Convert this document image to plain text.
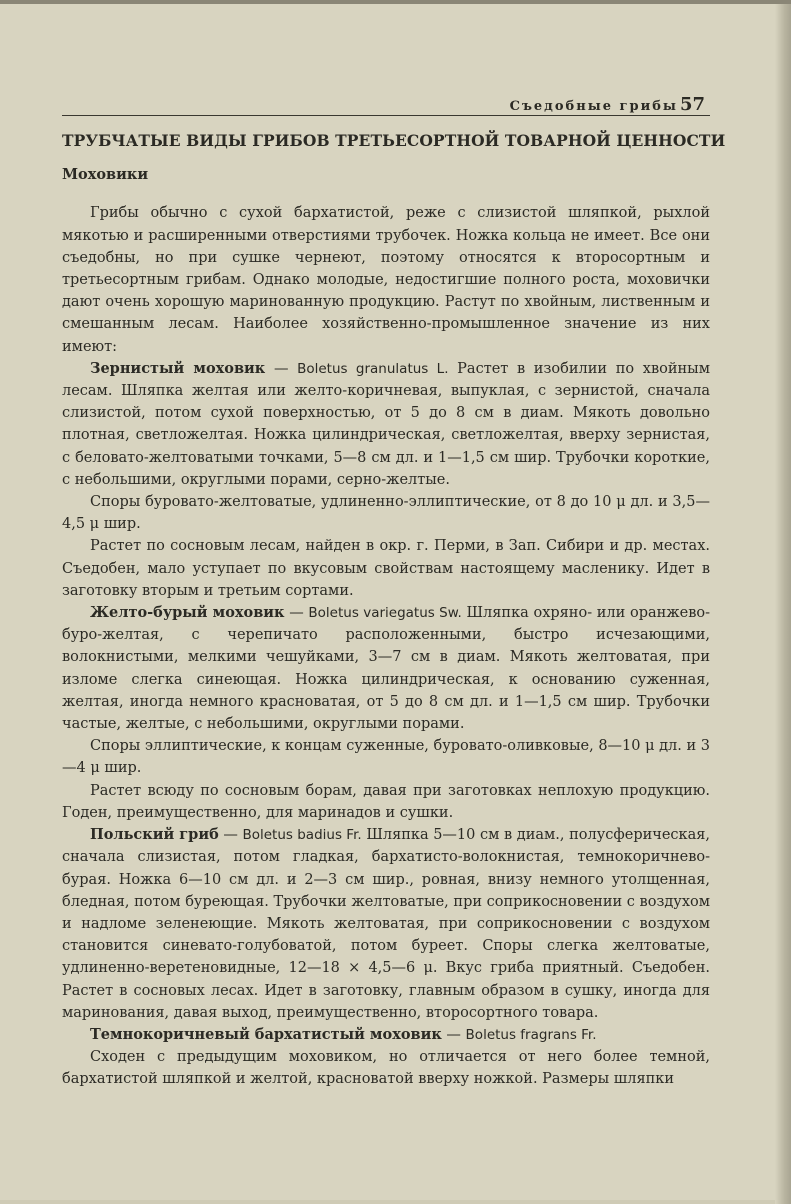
Съедобные грибы 57
ТРУБЧАТЫЕ ВИДЫ ГРИБОВ ТРЕТЬЕСОРТНОЙ ТОВАРНОЙ ЦЕННОСТИ
Моховики

Грибы обычно с сухой бархатистой, реже с слизистой шляпкой, рыхлой мякотью и расширенными отверстиями трубочек. Ножка кольца не имеет. Все они съедобны, но при сушке чернеют, поэтому относятся к второсортным и третьесортным грибам. Однако молодые, недостигшие полного роста, моховички дают очень хорошую маринованную продукцию. Растут по хвойным, лиственным и смешанным лесам. Наиболее хозяйственно-промышленное значение из них имеют:

Зернистый моховик — Boletus granulatus L. Растет в изобилии по хвойным лесам. Шляпка желтая или желто-коричневая, выпуклая, с зернистой, сначала слизистой, потом сухой поверхностью, от 5 до 8 см в диам. Мякоть довольно плотная, светложелтая. Ножка цилиндрическая, светложелтая, вверху зернистая, с беловато-желтоватыми точками, 5—8 см дл. и 1—1,5 см шир. Трубочки короткие, с небольшими, округлыми порами, серно-желтые.

Споры буровато-желтоватые, удлиненно-эллиптические, от 8 до 10 μ дл. и 3,5—4,5 μ шир.

Растет по сосновым лесам, найден в окр. г. Перми, в Зап. Сибири и др. местах. Съедобен, мало уступает по вкусовым свойствам настоящему масленику. Идет в заготовку вторым и третьим сортами.

Желто-бурый моховик — Boletus variegatus Sw. Шляпка охряно- или оранжево-буро-желтая, с черепичато расположенными, быстро исчезающими, волокнистыми, мелкими чешуйками, 3—7 см в диам. Мякоть желтоватая, при изломе слегка синеющая. Ножка цилиндрическая, к основанию суженная, желтая, иногда немного красноватая, от 5 до 8 см дл. и 1—1,5 см шир. Трубочки частые, желтые, с небольшими, округлыми порами.

Споры эллиптические, к концам суженные, буровато-оливковые, 8—10 μ дл. и 3—4 μ шир.

Растет всюду по сосновым борам, давая при заготовках неплохую продукцию. Годен, преимущественно, для маринадов и сушки.

Польский гриб — Boletus badius Fr. Шляпка 5—10 см в диам., полусферическая, сначала слизистая, потом гладкая, бархатисто-волокнистая, темнокоричнево-бурая. Ножка 6—10 см дл. и 2—3 см шир., ровная, внизу немного утолщенная, бледная, потом буреющая. Трубочки желтоватые, при соприкосновении с воздухом и надломе зеленеющие. Мякоть желтоватая, при соприкосновении с воздухом становится синевато-голубоватой, потом буреет. Споры слегка желтоватые, удлиненно-веретеновидные, 12—18 × 4,5—6 μ. Вкус гриба приятный. Съедобен. Растет в сосновых лесах. Идет в заготовку, главным образом в сушку, иногда для маринования, давая выход, преимущественно, второсортного товара.

Темнокоричневый бархатистый моховик — Boletus fragrans Fr.

Сходен с предыдущим моховиком, но отличается от него более темной, бархатистой шляпкой и желтой, красноватой вверху ножкой. Размеры шляпки
